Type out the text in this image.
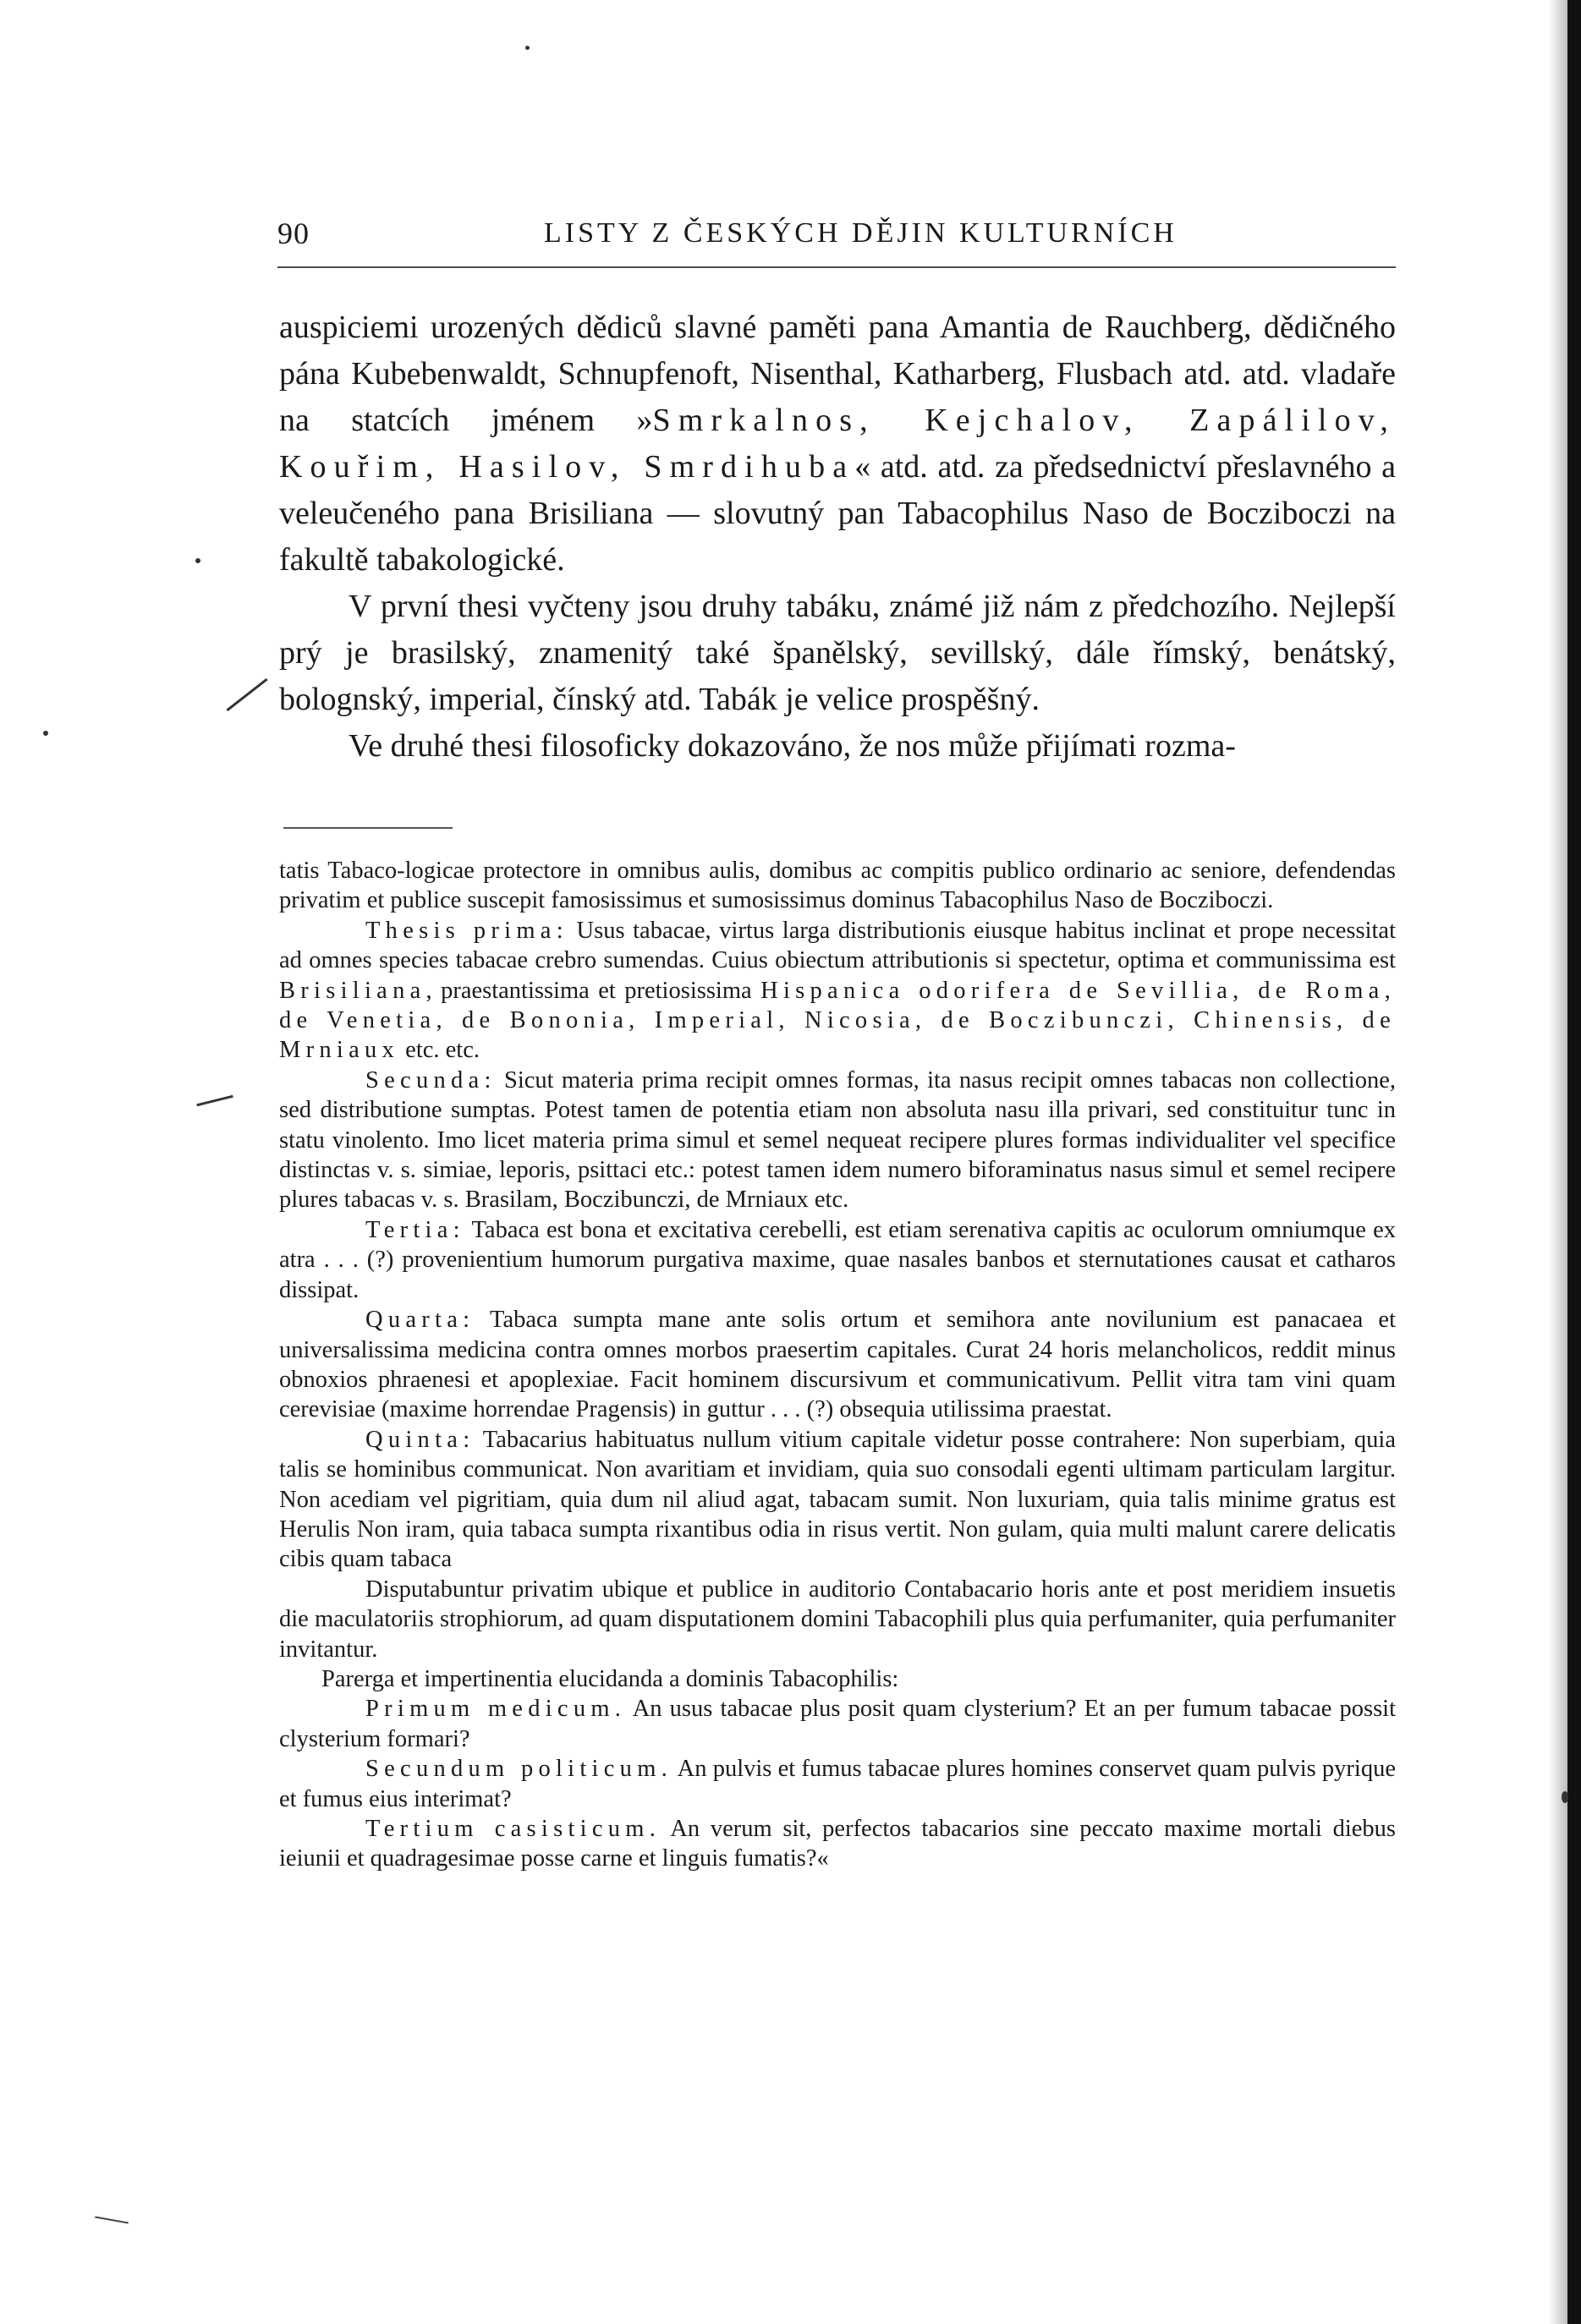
90	LISTY Z ČESKÝCH DĚJIN KULTURNÍCH

auspiciemi urozených dědiců slavné paměti pana Amantia de Rauchberg, dědičného pána Kubebenwaldt, Schnupfenoft, Nisenthal, Katharberg, Flusbach atd. atd. vladaře na statcích jménem »Smrkalnos, Kejchalov, Zapálilov, Kouřim, Hasilov, Smrdihuba« atd. atd. za předsednictví přeslavného a veleučeného pana Brisiliana — slovutný pan Tabacophilus Naso de Bocziboczi na fakultě tabakologické.

V první thesi vyčteny jsou druhy tabáku, známé již nám z předchozího. Nejlepší prý je brasilský, znamenitý také španělský, sevillský, dále římský, benátský, bolognský, imperial, čínský atd. Tabák je velice prospěšný.

Ve druhé thesi filosoficky dokazováno, že nos může přijímati rozma-

tatis Tabaco-logicae protectore in omnibus aulis, domibus ac compitis publico ordinario ac seniore, defendendas privatim et publice suscepit famosissimus et sumosissimus dominus Tabacophilus Naso de Bocziboczi.

Thesis prima: Usus tabacae, virtus larga distributionis eiusque habitus inclinat et prope necessitat ad omnes species tabacae crebro sumendas. Cuius obiectum attributionis si spectetur, optima et communissima est Brisiliana, praestantissima et pretiosissima Hispanica odorifera de Sevillia, de Roma, de Venetia, de Bononia, Imperial, Nicosia, de Boczibunczi, Chinensis, de Mrniaux etc. etc.

Secunda: Sicut materia prima recipit omnes formas, ita nasus recipit omnes tabacas non collectione, sed distributione sumptas. Potest tamen de potentia etiam non absoluta nasu illa privari, sed constituitur tunc in statu vinolento. Imo licet materia prima simul et semel nequeat recipere plures formas individualiter vel specifice distinctas v. s. simiae, leporis, psittaci etc.: potest tamen idem numero biforaminatus nasus simul et semel recipere plures tabacas v. s. Brasilam, Boczibunczi, de Mrniaux etc.

Tertia: Tabaca est bona et excitativa cerebelli, est etiam serenativa capitis ac oculorum omniumque ex atra . . . (?) provenientium humorum purgativa maxime, quae nasales banbos et sternutationes causat et catharos dissipat.

Quarta: Tabaca sumpta mane ante solis ortum et semihora ante novilunium est panacaea et universalissima medicina contra omnes morbos praesertim capitales. Curat 24 horis melancholicos, reddit minus obnoxios phraenesi et apoplexiae. Facit hominem discursivum et communicativum. Pellit vitra tam vini quam cerevisiae (maxime horrendae Pragensis) in guttur . . . (?) obsequia utilissima praestat.

Quinta: Tabacarius habituatus nullum vitium capitale videtur posse contrahere: Non superbiam, quia talis se hominibus communicat. Non avaritiam et invidiam, quia suo consodali egenti ultimam particulam largitur. Non acediam vel pigritiam, quia dum nil aliud agat, tabacam sumit. Non luxuriam, quia talis minime gratus est Herulis Non iram, quia tabaca sumpta rixantibus odia in risus vertit. Non gulam, quia multi malunt carere delicatis cibis quam tabaca

Disputabuntur privatim ubique et publice in auditorio Contabacario horis ante et post meridiem insuetis die maculatoriis strophiorum, ad quam disputationem domini Tabacophili plus quia perfumaniter, quia perfumaniter invitantur.

Parerga et impertinentia elucidanda a dominis Tabacophilis:

Primum medicum. An usus tabacae plus posit quam clysterium? Et an per fumum tabacae possit clysterium formari?

Secundum politicum. An pulvis et fumus tabacae plures homines conservet quam pulvis pyrique et fumus eius interimat?

Tertium casisticum. An verum sit, perfectos tabacarios sine peccato maxime mortali diebus ieiunii et quadragesimae posse carne et linguis fumatis?«
